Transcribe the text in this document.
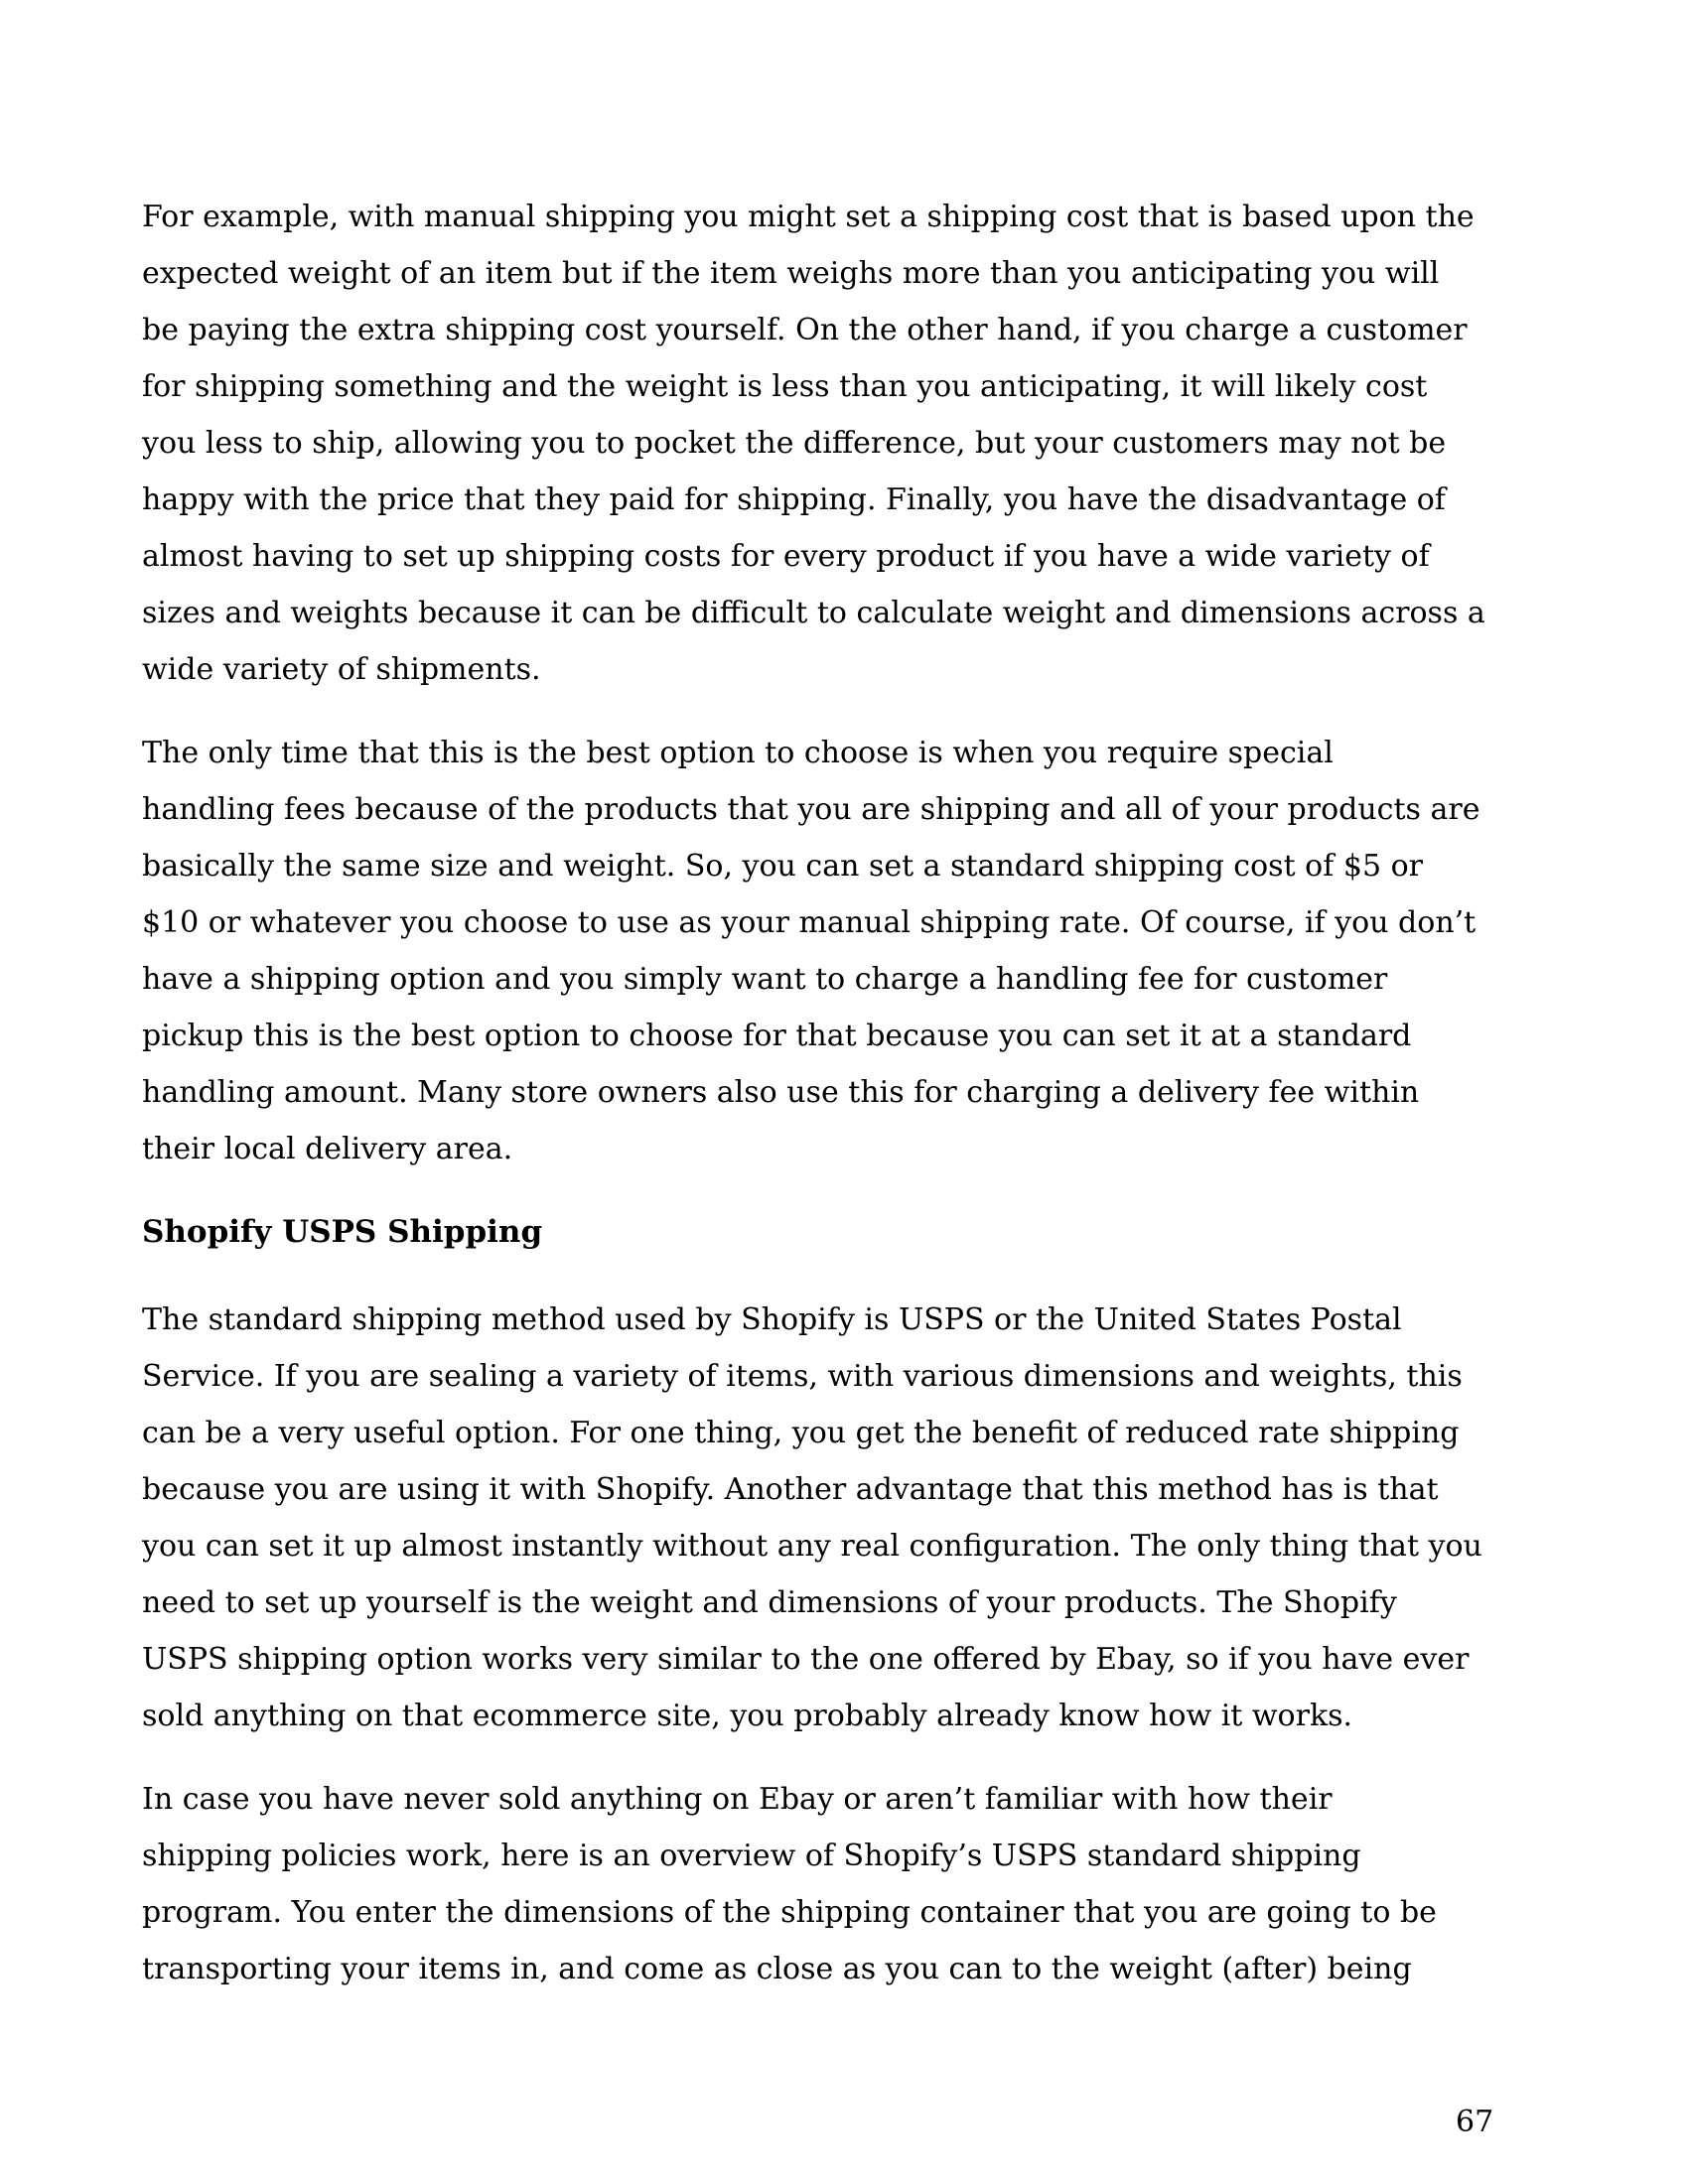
For example, with manual shipping you might set a shipping cost that is based upon the
expected weight of an item but if the item weighs more than you anticipating you will
be paying the extra shipping cost yourself. On the other hand, if you charge a customer
for shipping something and the weight is less than you anticipating, it will likely cost
you less to ship, allowing you to pocket the difference, but your customers may not be
happy with the price that they paid for shipping. Finally, you have the disadvantage of
almost having to set up shipping costs for every product if you have a wide variety of
sizes and weights because it can be difficult to calculate weight and dimensions across a
wide variety of shipments.
The only time that this is the best option to choose is when you require special
handling fees because of the products that you are shipping and all of your products are
basically the same size and weight. So, you can set a standard shipping cost of $5 or
$10 or whatever you choose to use as your manual shipping rate. Of course, if you don’t
have a shipping option and you simply want to charge a handling fee for customer
pickup this is the best option to choose for that because you can set it at a standard
handling amount. Many store owners also use this for charging a delivery fee within
their local delivery area.
Shopify USPS Shipping
The standard shipping method used by Shopify is USPS or the United States Postal
Service. If you are sealing a variety of items, with various dimensions and weights, this
can be a very useful option. For one thing, you get the benefit of reduced rate shipping
because you are using it with Shopify. Another advantage that this method has is that
you can set it up almost instantly without any real configuration. The only thing that you
need to set up yourself is the weight and dimensions of your products. The Shopify
USPS shipping option works very similar to the one offered by Ebay, so if you have ever
sold anything on that ecommerce site, you probably already know how it works.
In case you have never sold anything on Ebay or aren’t familiar with how their
shipping policies work, here is an overview of Shopify’s USPS standard shipping
program. You enter the dimensions of the shipping container that you are going to be
transporting your items in, and come as close as you can to the weight (after) being
67
